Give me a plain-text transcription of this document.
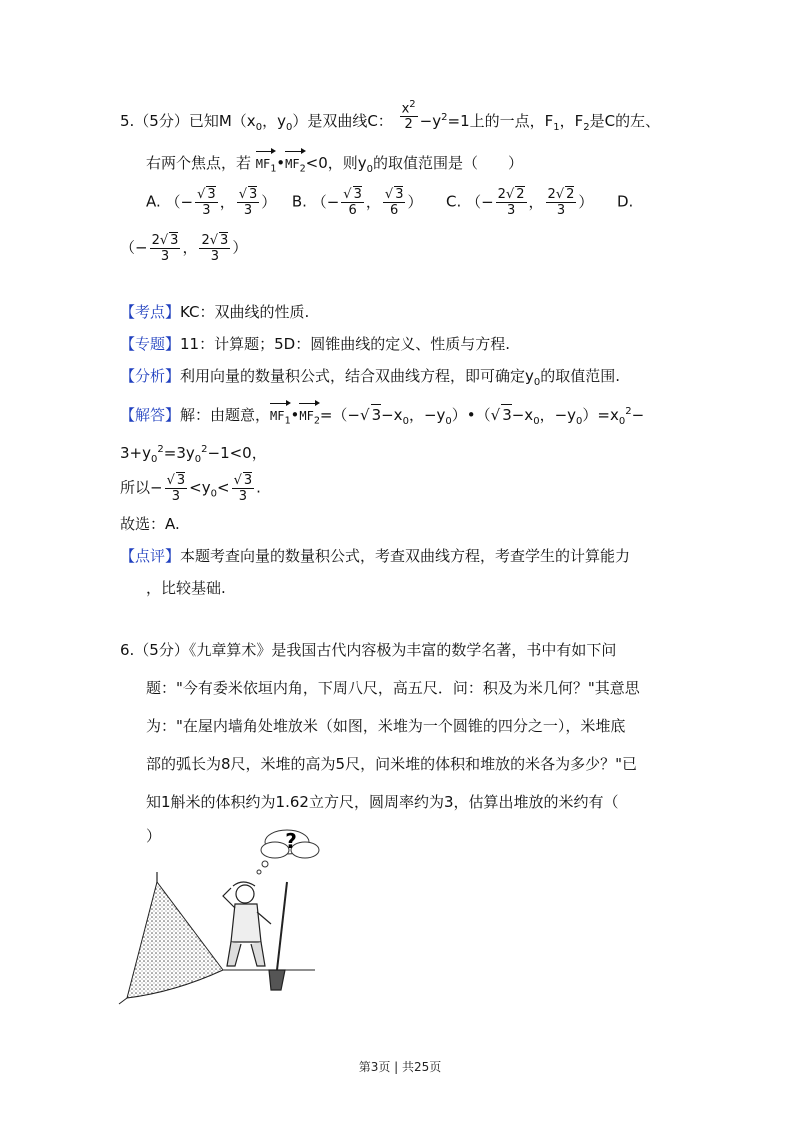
5.（5分）已知$M(x_0$，$y_0$）是双曲线C： $\frac{x^2}{2} -y^2=1$上的一点，$F_1$，$F_2$是C的左、
右两个焦点，若 $MF_1•MF_2<0$，则$y_0$的取值范围是（　　）
A. （− $\frac{√ 3}{3}$ ， $\frac{√ 3}{3}$ ） B. （− $\frac{√ 3}{6}$ ， $\frac{√ 3}{6}$ ） C. （− $\frac{2√ 2}{3}$ ， $\frac{2√ 2}{3}$ ） D.
（− $\frac{2√ 3}{3}$ ， $\frac{2√ 3}{3}$ ）
【考点】KC：双曲线的性质.
【专题】11：计算题；5D：圆锥曲线的定义、性质与方程.
【分析】利用向量的数量积公式，结合双曲线方程，即可确定$y_0$的取值范围.
【解答】解：由题意，$MF_1•MF_2=(-√$ $3-x_0$，$-y_0)•(√$ $3-x_0$，$-y_0)=x_0^2-$
$3+y_0^2=3y_0^2-1<0$，
所以− $\frac{√ 3}{3} <y_0< \frac{√ 3}{3}$ .
故选：A.
【点评】本题考查向量的数量积公式，考查双曲线方程，考查学生的计算能力
，比较基础.
6.（5分）《九章算术》是我国古代内容极为丰富的数学名著，书中有如下问
题："今有委米依垣内角，下周八尺，高五尺．问：积及为米几何？"其意思
为："在屋内墙角处堆放米（如图，米堆为一个圆锥的四分之一），米堆底
部的弧长为8尺，米堆的高为5尺，问米堆的体积和堆放的米各为多少？"已
知1斛米的体积约为1.62立方尺，圆周率约为3，估算出堆放的米约有（
）	?
第3页 | 共25页
